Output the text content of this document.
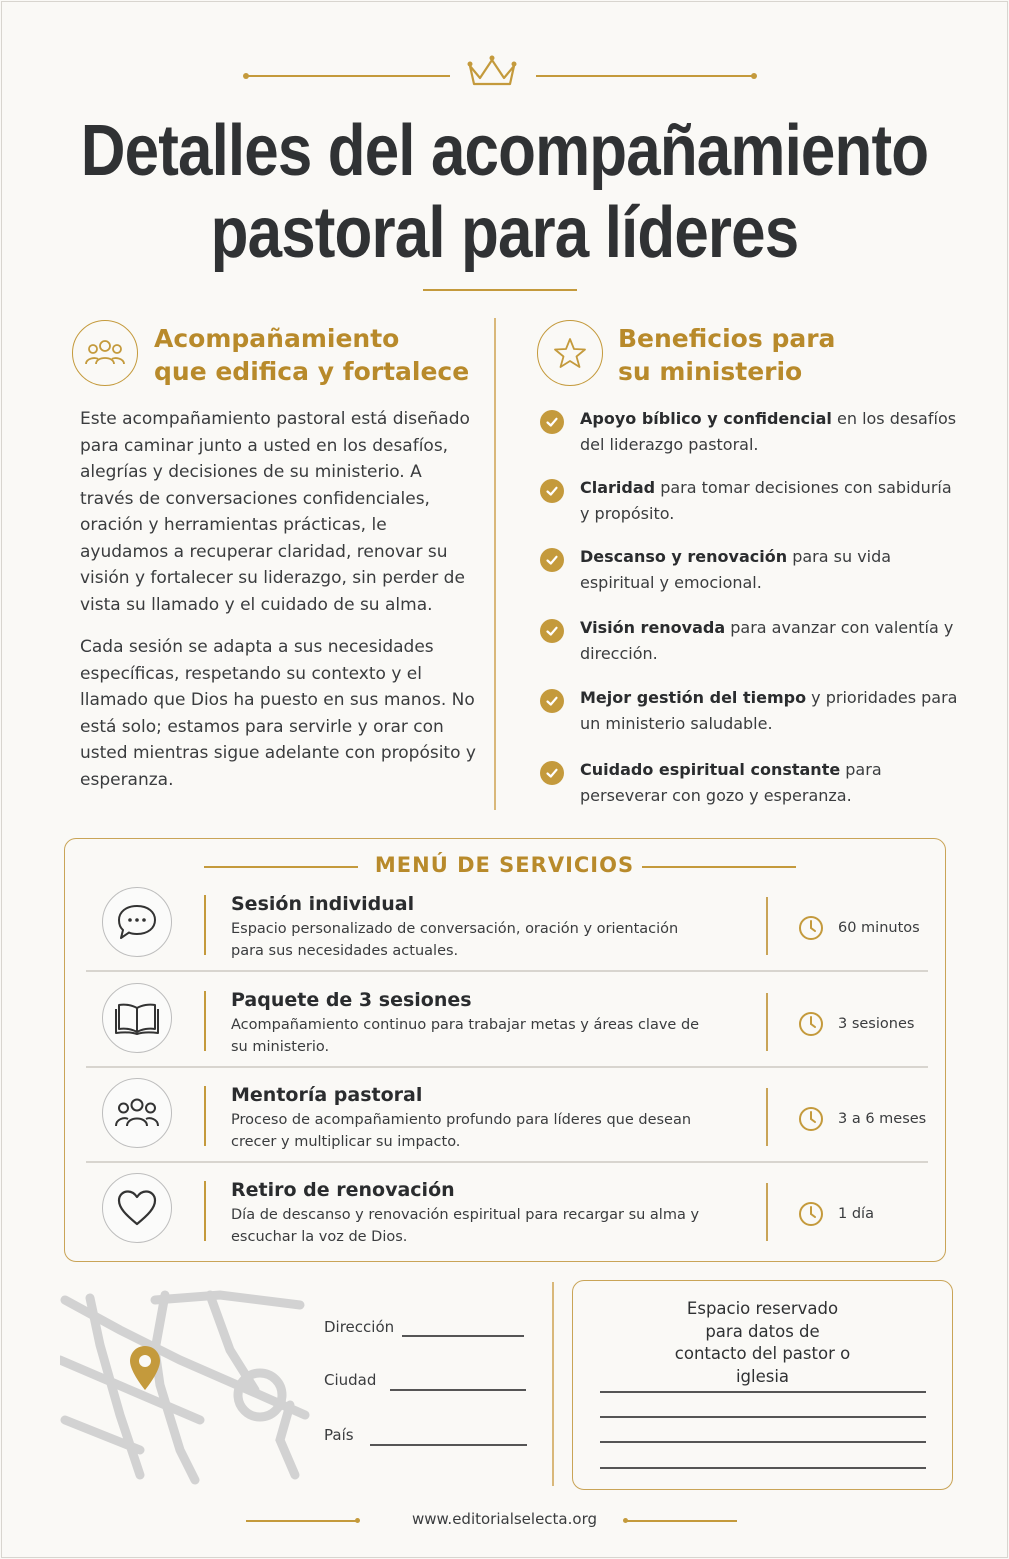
Detalles del acompañamiento
pastoral para líderes
Acompañamiento
que edifica y fortalece

Este acompañamiento pastoral está diseñado para caminar junto a usted en los desafíos, alegrías y decisiones de su ministerio. A través de conversaciones confidenciales, oración y herramientas prácticas, le ayudamos a recuperar claridad, renovar su visión y fortalecer su liderazgo, sin perder de vista su llamado y el cuidado de su alma.

Cada sesión se adapta a sus necesidades específicas, respetando su contexto y el llamado que Dios ha puesto en sus manos. No está solo; estamos para servirle y orar con usted mientras sigue adelante con propósito y esperanza.

Beneficios para
su ministerio
Apoyo bíblico y confidencial en los desafíos del liderazgo pastoral.
Claridad para tomar decisiones con sabiduría y propósito.
Descanso y renovación para su vida espiritual y emocional.
Visión renovada para avanzar con valentía y dirección.
Mejor gestión del tiempo y prioridades para un ministerio saludable.
Cuidado espiritual constante para perseverar con gozo y esperanza.
MENÚ DE SERVICIOS
Sesión individual
Espacio personalizado de conversación, oración y orientación para sus necesidades actuales.
60 minutos
Paquete de 3 sesiones
Acompañamiento continuo para trabajar metas y áreas clave de su ministerio.
3 sesiones
Mentoría pastoral
Proceso de acompañamiento profundo para líderes que desean crecer y multiplicar su impacto.
3 a 6 meses
Retiro de renovación
Día de descanso y renovación espiritual para recargar su alma y escuchar la voz de Dios.
1 día
Dirección
Ciudad
País
Espacio reservado para datos de contacto del pastor o iglesia
www.editorialselecta.org
